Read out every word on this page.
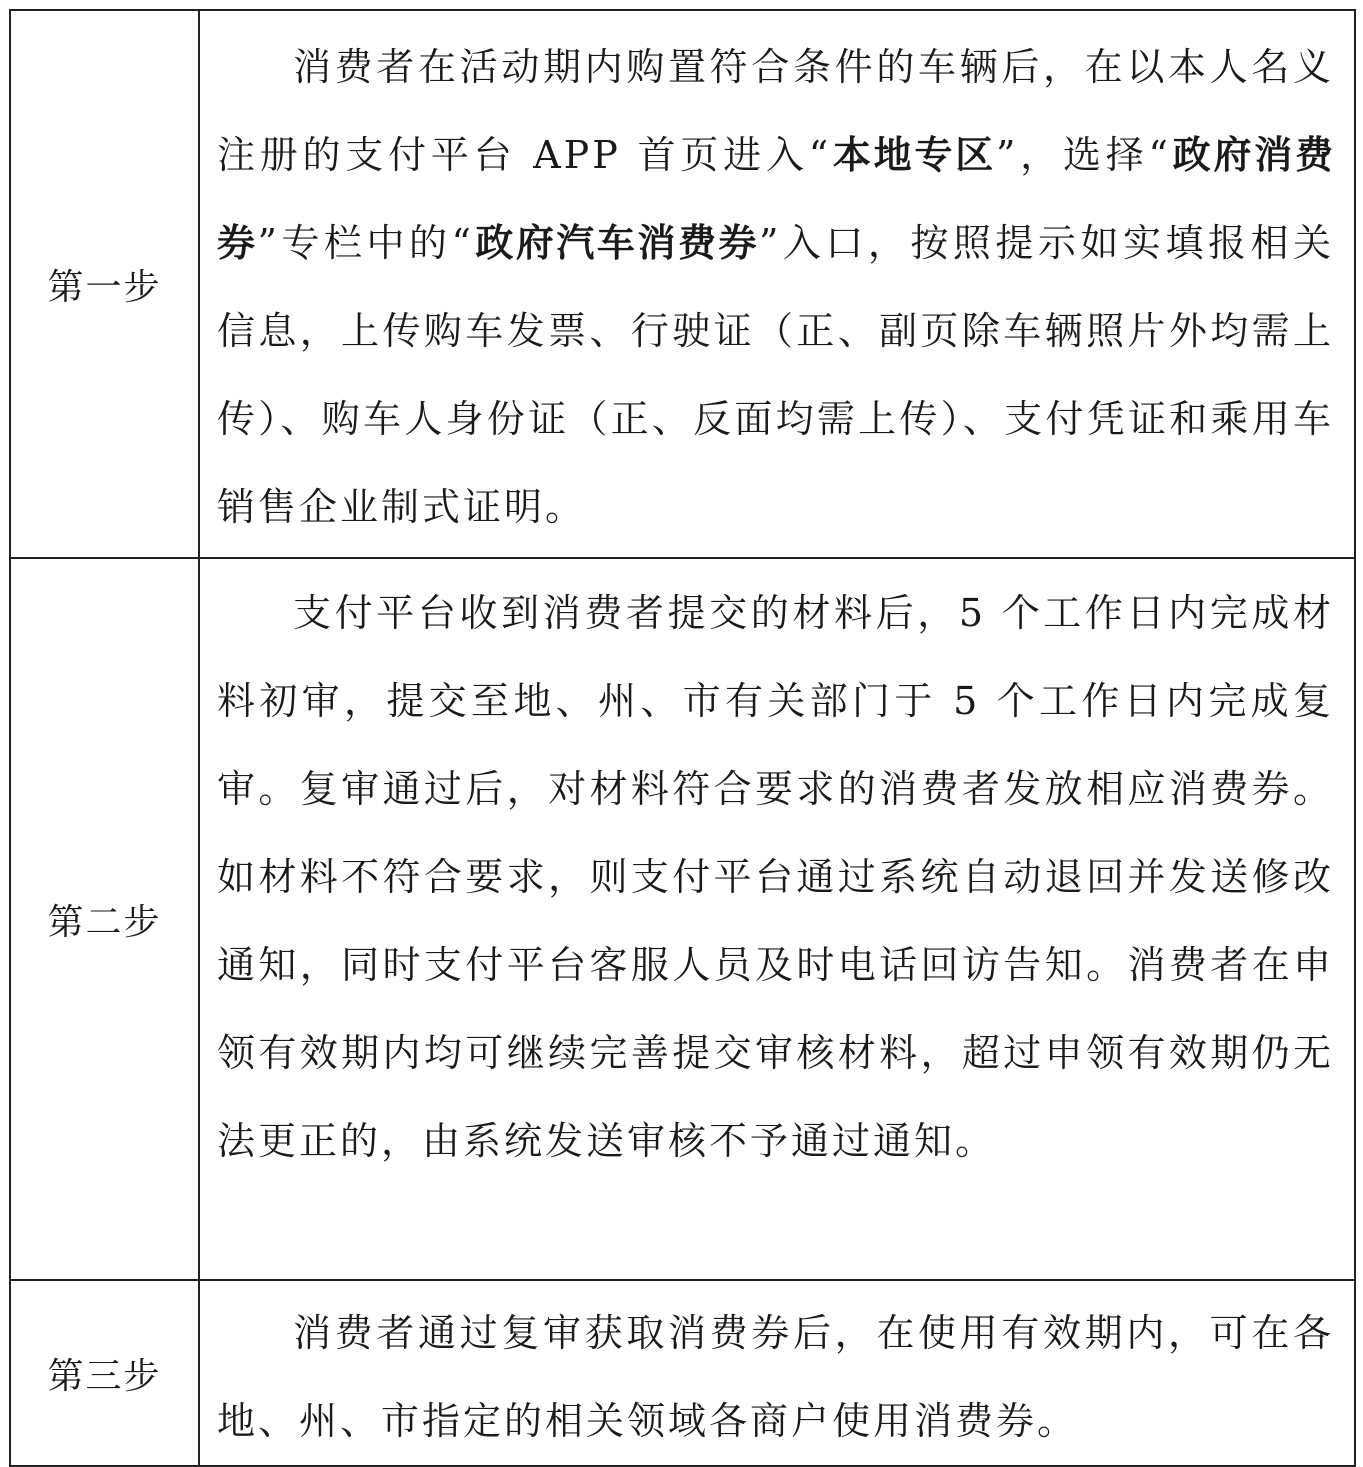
第一步	消费者在活动期内购置符合条件的车辆后，在以本人名义注册的支付平台 APP 首页进入“本地专区”，选择“政府消费券”专栏中的“政府汽车消费券”入口，按照提示如实填报相关信息，上传购车发票、行驶证（正、副页除车辆照片外均需上传）、购车人身份证（正、反面均需上传）、支付凭证和乘用车销售企业制式证明。

第二步	支付平台收到消费者提交的材料后，5 个工作日内完成材料初审，提交至地、州、市有关部门于 5 个工作日内完成复审。复审通过后，对材料符合要求的消费者发放相应消费券。如材料不符合要求，则支付平台通过系统自动退回并发送修改通知，同时支付平台客服人员及时电话回访告知。消费者在申领有效期内均可继续完善提交审核材料，超过申领有效期仍无法更正的，由系统发送审核不予通过通知。

第三步	消费者通过复审获取消费券后，在使用有效期内，可在各地、州、市指定的相关领域各商户使用消费券。
